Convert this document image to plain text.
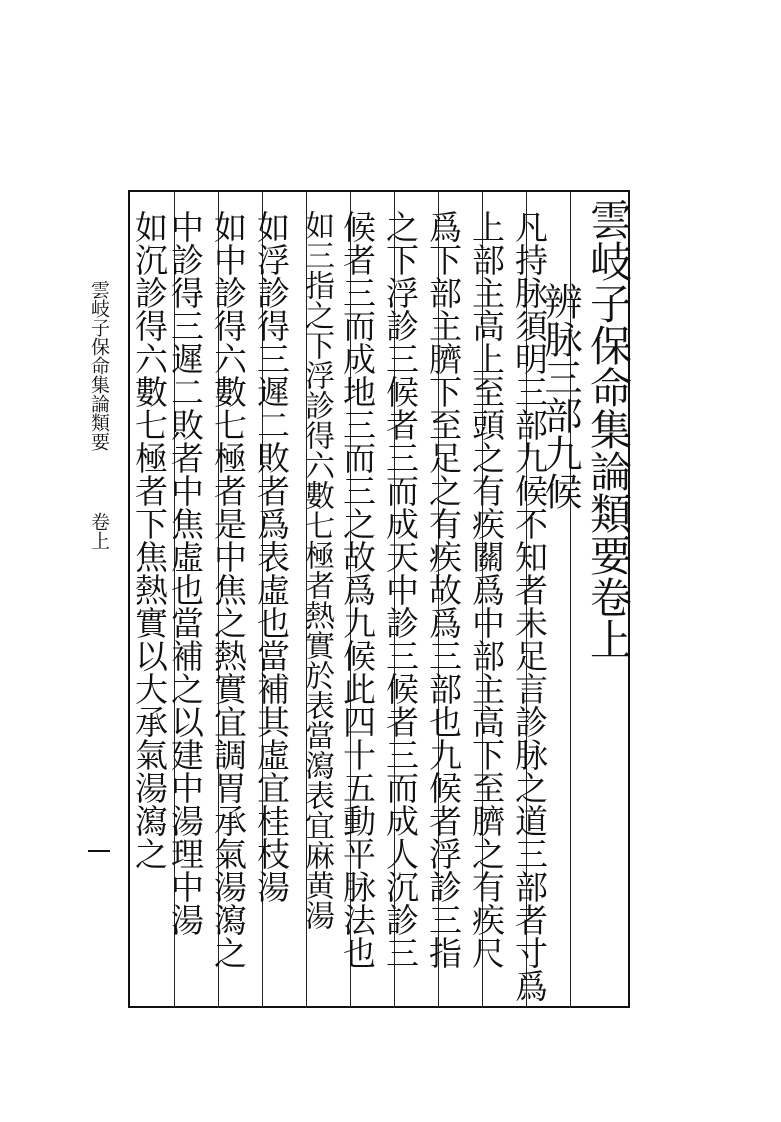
雲岐子保命集論類要
卷上	雲岐子保命集論類要卷上
辨脉三部九候
凡持脉須明三部九候不知者未足言診脉之道三部者寸爲
上部主高上至頭之有疾關爲中部主高下至臍之有疾尺
爲下部主臍下至足之有疾故爲三部也九候者浮診三指
之下浮診三候者三而成天中診三候者三而成人沉診三
候者三而成地三而三之故爲九候此四十五動平脉法也
如三指之下浮診得六數七極者熱實於表當瀉表宜麻黄湯
如浮診得三遲二敗者爲表虛也當補其虛宜桂枝湯
如中診得六數七極者是中焦之熱實宜調胃承氣湯瀉之
中診得三遲二敗者中焦虛也當補之以建中湯理中湯
如沉診得六數七極者下焦熱實以大承氣湯瀉之
